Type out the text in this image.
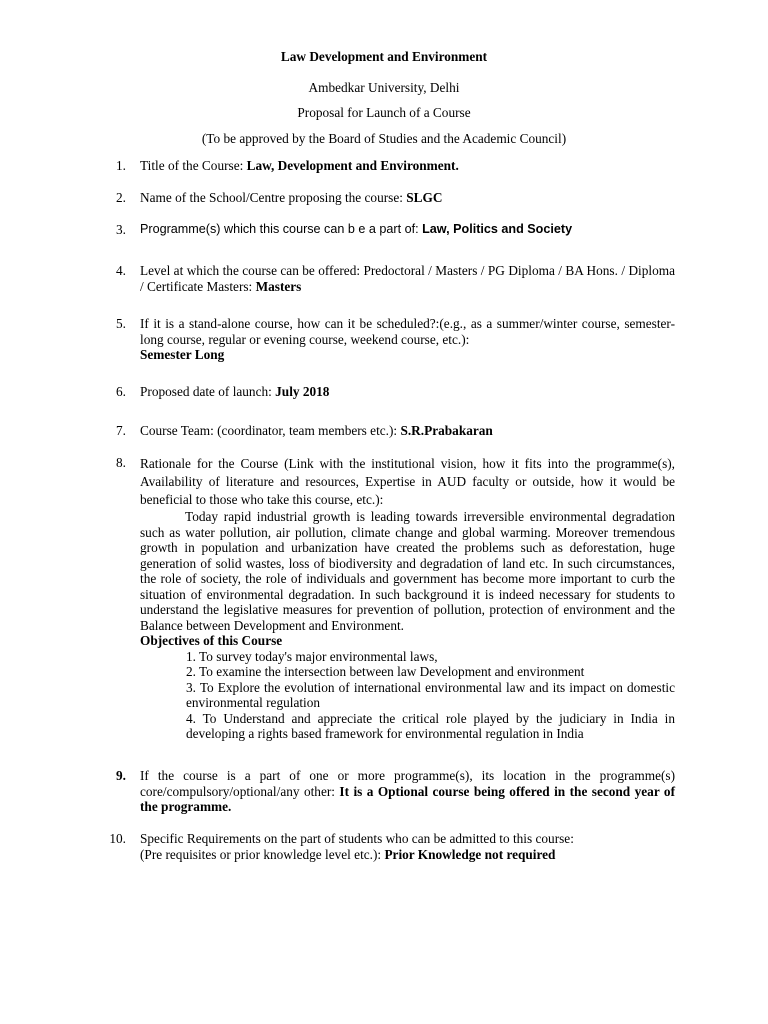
Law Development and Environment
Ambedkar University, Delhi
Proposal for Launch of a Course
(To be approved by the Board of Studies and the Academic Council)
1. Title of the Course: Law, Development and Environment.
2. Name of the School/Centre proposing the course: SLGC
3. Programme(s) which this course can b e a part of: Law, Politics and Society
4. Level at which the course can be offered: Predoctoral / Masters / PG Diploma / BA Hons. / Diploma / Certificate Masters: Masters
5. If it is a stand-alone course, how can it be scheduled?:(e.g., as a summer/winter course, semester-long course, regular or evening course, weekend course, etc.):
Semester Long
6. Proposed date of launch: July 2018
7. Course Team: (coordinator, team members etc.): S.R.Prabakaran
8. Rationale for the Course (Link with the institutional vision, how it fits into the programme(s), Availability of literature and resources, Expertise in AUD faculty or outside, how it would be beneficial to those who take this course, etc.):
Today rapid industrial growth is leading towards irreversible environmental degradation such as water pollution, air pollution, climate change and global warming. Moreover tremendous growth in population and urbanization have created the problems such as deforestation, huge generation of solid wastes, loss of biodiversity and degradation of land etc. In such circumstances, the role of society, the role of individuals and government has become more important to curb the situation of environmental degradation. In such background it is indeed necessary for students to understand the legislative measures for prevention of pollution, protection of environment and the Balance between Development and Environment.
Objectives of this Course
1. To survey today's major environmental laws,
2. To examine the intersection between law Development and environment
3. To Explore the evolution of international environmental law and its impact on domestic environmental regulation
4. To Understand and appreciate the critical role played by the judiciary in India in developing a rights based framework for environmental regulation in India
9. If the course is a part of one or more programme(s), its location in the programme(s) core/compulsory/optional/any other: It is a Optional course being offered in the second year of the programme.
10. Specific Requirements on the part of students who can be admitted to this course:
(Pre requisites or prior knowledge level etc.): Prior Knowledge not required
